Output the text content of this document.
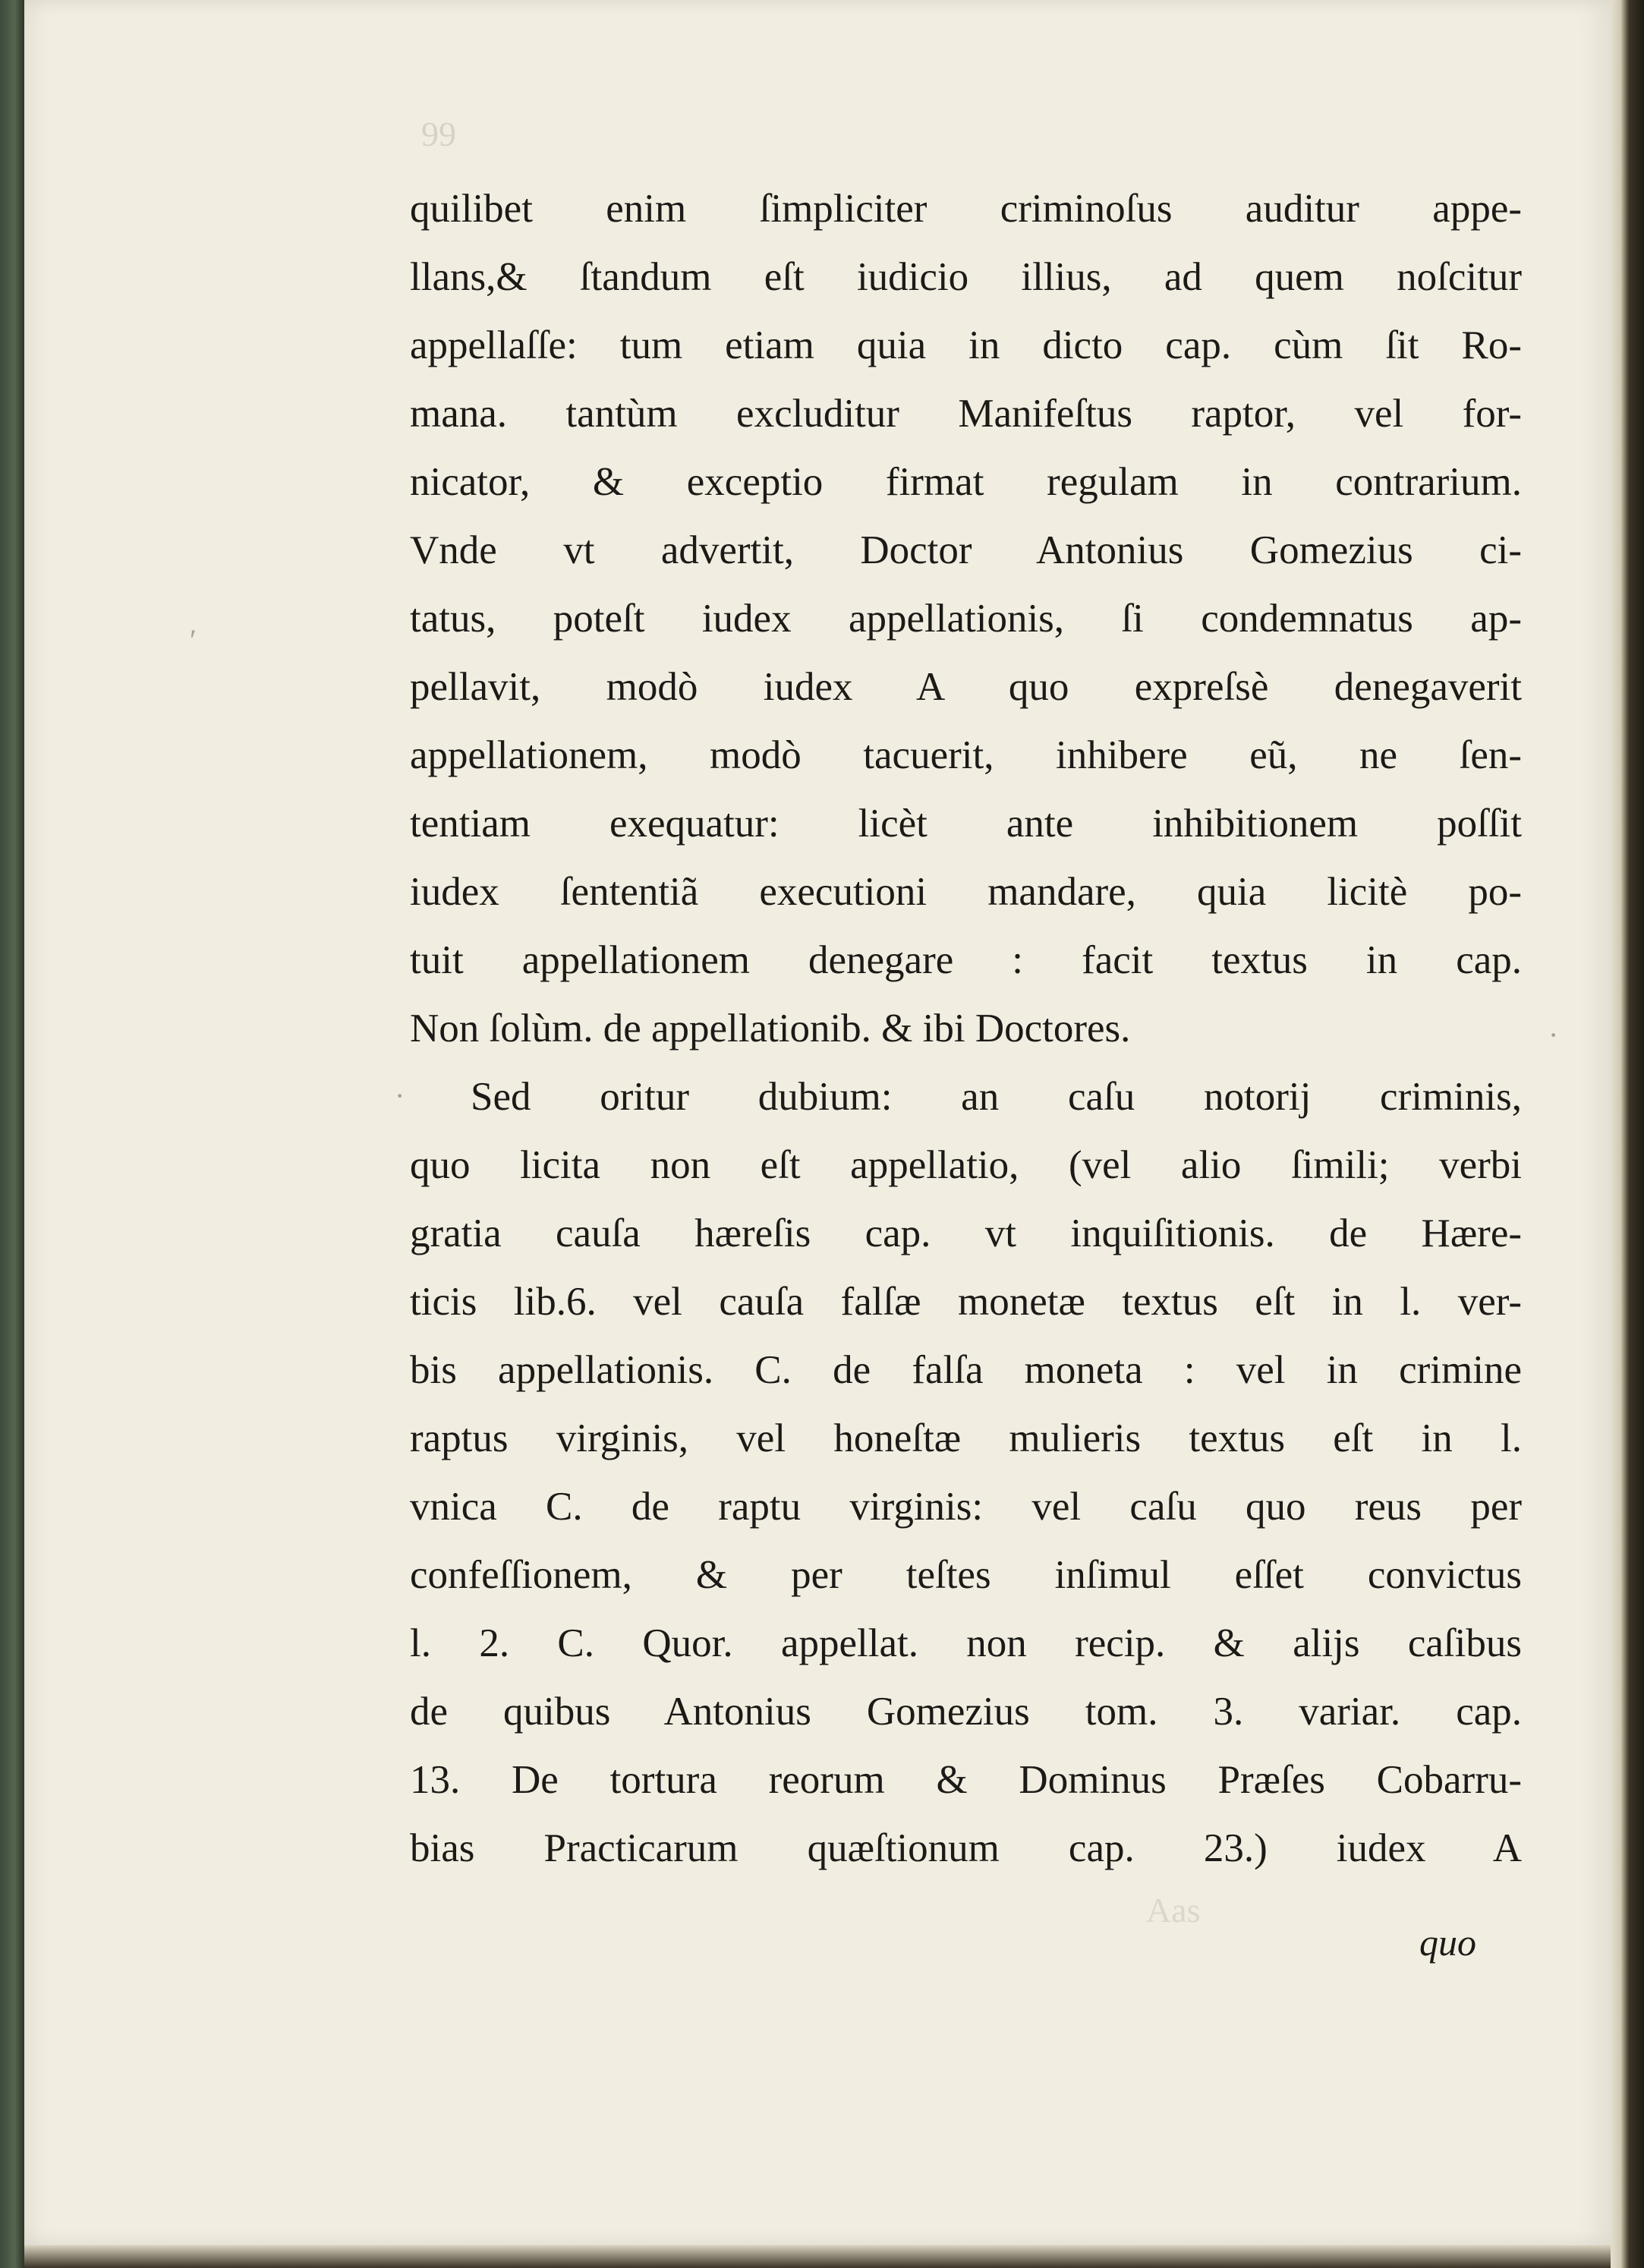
99
Aas
ʹ
·
·
quilibet enim ſimpliciter criminoſus auditur appe-
llans,& ſtandum eſt iudicio illius, ad quem noſcitur
appellaſſe: tum etiam quia in dicto cap. cùm ſit Ro-
mana. tantùm excluditur Manifeſtus raptor, vel for-
nicator, & exceptio firmat regulam in contrarium.
Vnde vt advertit, Doctor Antonius Gomezius ci-
tatus, poteſt iudex appellationis, ſi condemnatus ap-
pellavit, modò iudex A quo expreſsè denegaverit
appellationem, modò tacuerit, inhibere eũ, ne ſen-
tentiam exequatur: licèt ante inhibitionem poſſit
iudex ſententiã executioni mandare, quia licitè po-
tuit appellationem denegare : facit textus in cap.
Non ſolùm. de appellationib. & ibi Doctores.
Sed oritur dubium: an caſu notorij criminis,
quo licita non eſt appellatio, (vel alio ſimili; verbi
gratia cauſa hæreſis cap. vt inquiſitionis. de Hære-
ticis lib.6. vel cauſa falſæ monetæ textus eſt in l. ver-
bis appellationis. C. de falſa moneta : vel in crimine
raptus virginis, vel honeſtæ mulieris textus eſt in l.
vnica C. de raptu virginis: vel caſu quo reus per
confeſſionem, & per teſtes inſimul eſſet convictus
l. 2. C. Quor. appellat. non recip. & alijs caſibus
de quibus Antonius Gomezius tom. 3. variar. cap.
13. De tortura reorum & Dominus Præſes Cobarru-
bias Practicarum quæſtionum cap. 23.) iudex A
quo
